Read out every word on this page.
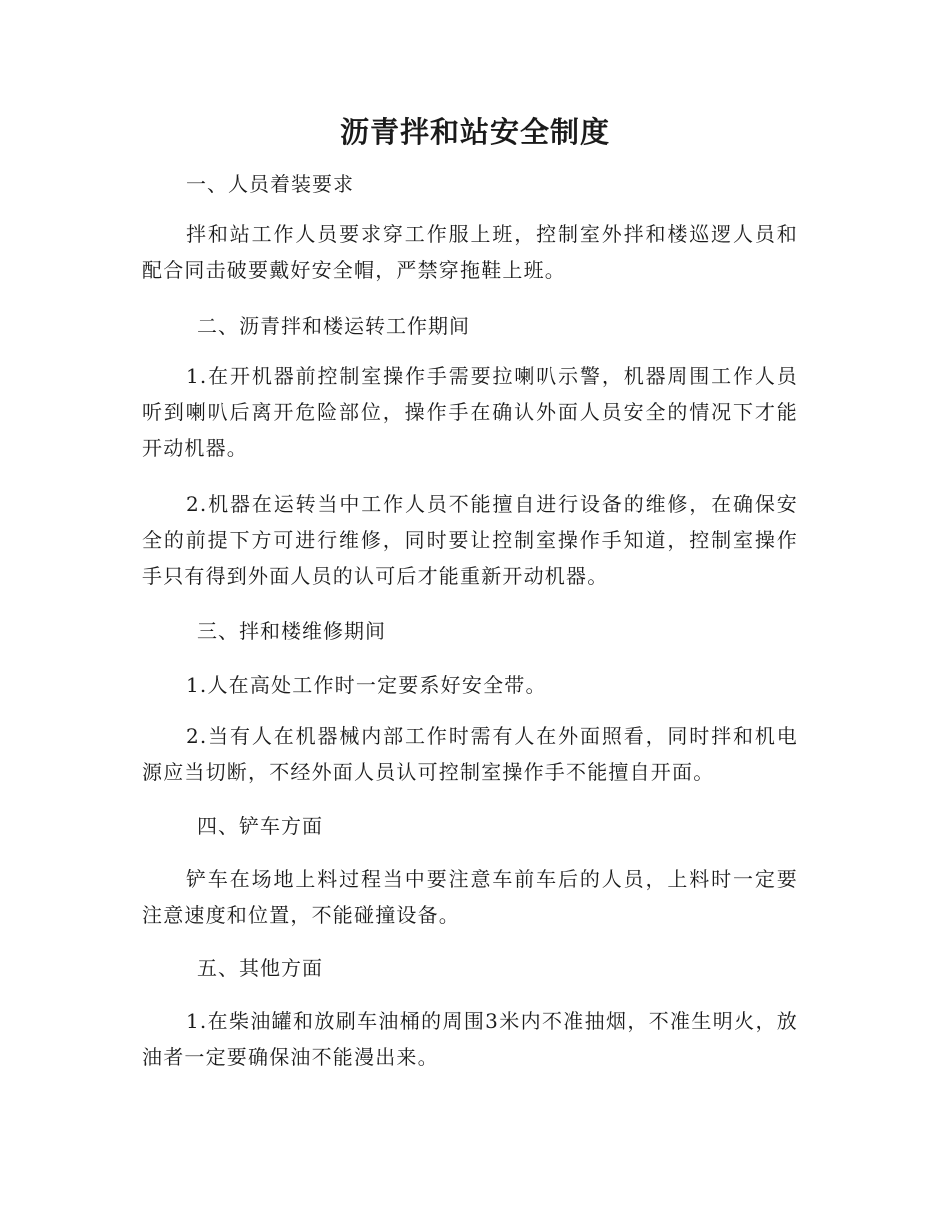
沥青拌和站安全制度

一、人员着装要求

拌和站工作人员要求穿工作服上班，控制室外拌和楼巡逻人员和配合同击破要戴好安全帽，严禁穿拖鞋上班。

二、沥青拌和楼运转工作期间

1.在开机器前控制室操作手需要拉喇叭示警，机器周围工作人员听到喇叭后离开危险部位，操作手在确认外面人员安全的情况下才能开动机器。

2.机器在运转当中工作人员不能擅自进行设备的维修，在确保安全的前提下方可进行维修，同时要让控制室操作手知道，控制室操作手只有得到外面人员的认可后才能重新开动机器。

三、拌和楼维修期间

1.人在高处工作时一定要系好安全带。

2.当有人在机器械内部工作时需有人在外面照看，同时拌和机电源应当切断，不经外面人员认可控制室操作手不能擅自开面。

四、铲车方面

铲车在场地上料过程当中要注意车前车后的人员，上料时一定要注意速度和位置，不能碰撞设备。

五、其他方面

1.在柴油罐和放刷车油桶的周围3米内不准抽烟，不准生明火，放油者一定要确保油不能漫出来。
